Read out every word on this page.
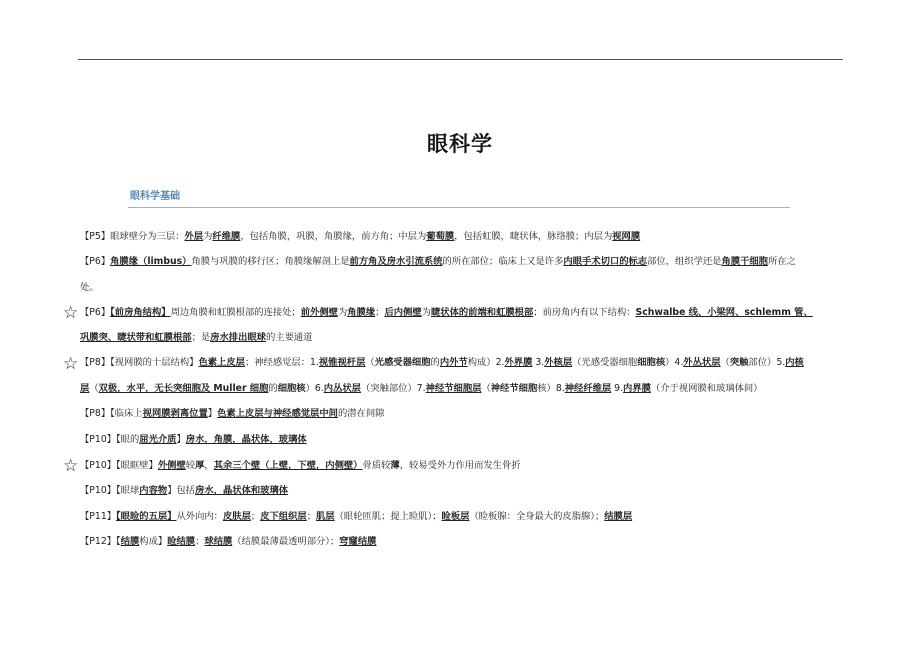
眼科学
眼科学基础
【P5】眼球壁分为三层：外层为纤维膜，包括角膜，巩膜，角膜缘，前方角；中层为葡萄膜，包括虹膜，睫状体，脉络膜；内层为视网膜
【P6】角膜缘（limbus）角膜与巩膜的移行区；角膜缘解剖上是前方角及房水引流系统的所在部位；临床上又是许多内眼手术切口的标志部位，组织学还是角膜干细胞所在之
处。
【P6】【前房角结构】周边角膜和虹膜根部的连接处；前外侧壁为角膜缘；后内侧壁为睫状体的前端和虹膜根部；前房角内有以下结构：Schwalbe 线、小梁网、schlemm 管、
巩膜突、睫状带和虹膜根部；是房水排出眼球的主要通道
【P8】【视网膜的十层结构】色素上皮层；神经感觉层：1.视锥视杆层（光感受器细胞的内外节构成）2.外界膜 3.外核层（光感受器细胞细胞核）4.外丛状层（突触部位）5.内核
层（双极，水平，无长突细胞及 Muller 细胞的细胞核）6.内丛状层（突触部位）7.神经节细胞层（神经节细胞核）8.神经纤维层 9.内界膜（介于视网膜和玻璃体间）
【P8】【临床上视网膜剥离位置】色素上皮层与神经感觉层中间的潜在间隙
【P10】【眼的屈光介质】房水，角膜，晶状体，玻璃体
【P10】【眼眶壁】外侧壁较厚，其余三个壁（上壁，下壁，内侧壁）骨质较薄，较易受外力作用而发生骨折
【P10】【眼球内容物】包括房水，晶状体和玻璃体
【P11】【眼睑的五层】从外向内：皮肤层；皮下组织层；肌层（眼轮匝肌；提上睑肌）；睑板层（睑板腺：全身最大的皮脂腺）；结膜层
【P12】【结膜构成】睑结膜；球结膜（结膜最薄最透明部分）；穹窿结膜
☆
☆
☆
